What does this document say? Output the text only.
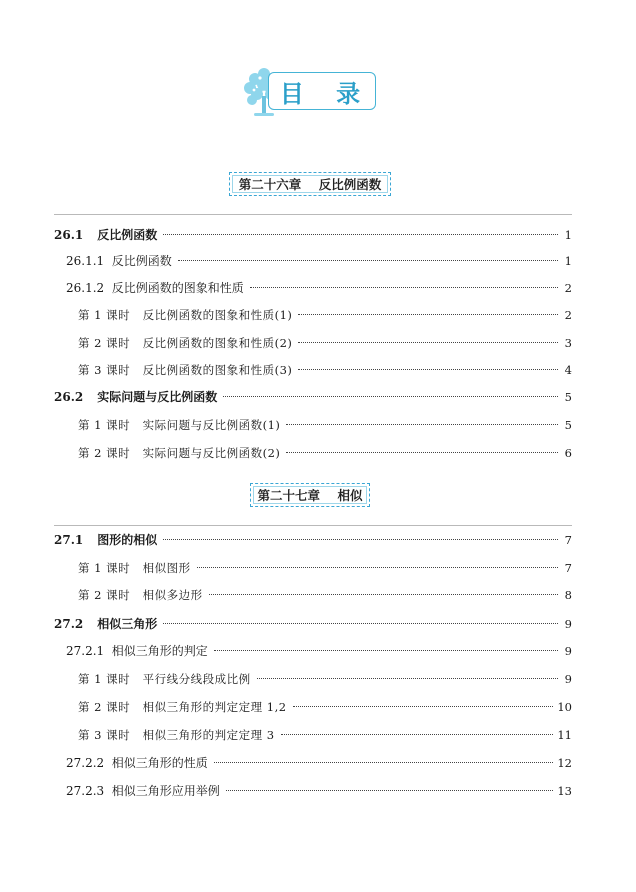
目 录
第二十六章    反比例函数
26.1 反比例函数	1
26.1.1  反比例函数	1
26.1.2  反比例函数的图象和性质	2
第 1 课时   反比例函数的图象和性质(1)	2
第 2 课时   反比例函数的图象和性质(2)	3
第 3 课时   反比例函数的图象和性质(3)	4
26.2 实际问题与反比例函数	5
第 1 课时   实际问题与反比例函数(1)	5
第 2 课时   实际问题与反比例函数(2)	6
第二十七章    相似
27.1 图形的相似	7
第 1 课时   相似图形	7
第 2 课时   相似多边形	8
27.2 相似三角形	9
27.2.1  相似三角形的判定	9
第 1 课时   平行线分线段成比例	9
第 2 课时   相似三角形的判定定理 1,2	10
第 3 课时   相似三角形的判定定理 3	11
27.2.2  相似三角形的性质	12
27.2.3  相似三角形应用举例	13
